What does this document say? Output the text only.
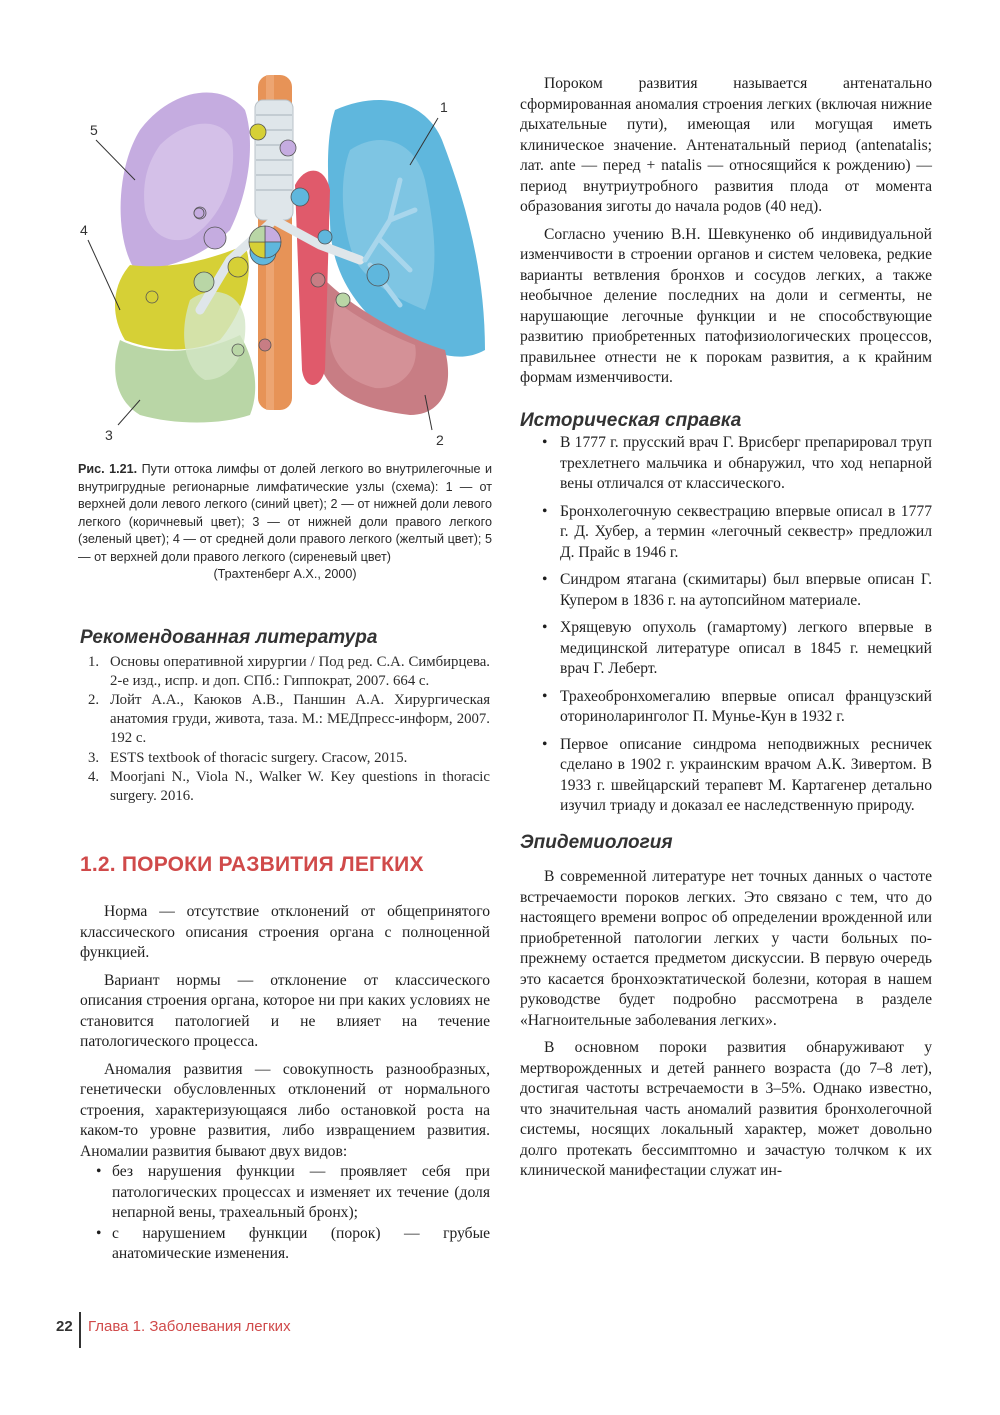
1
2
3
4
5

Рис. 1.21. Пути оттока лимфы от долей легкого во внутрилегочные и внутригрудные регионарные лимфатические узлы (схема): 1 — от верхней доли левого легкого (синий цвет); 2 — от нижней доли левого легкого (коричневый цвет); 3 — от нижней доли правого легкого (зеленый цвет); 4 — от средней доли правого легкого (желтый цвет); 5 — от верхней доли правого легкого (сиреневый цвет)

(Трахтенберг А.Х., 2000)

Рекомендованная литература
1. Основы оперативной хирургии / Под ред. С.А. Симбирцева. 2-е изд., испр. и доп. СПб.: Гиппократ, 2007. 664 с.
2. Лойт А.А., Каюков А.В., Паншин А.А. Хирургическая анатомия груди, живота, таза. М.: МЕДпресс-информ, 2007. 192 с.
3. ESTS textbook of thoracic surgery. Cracow, 2015.
4. Moorjani N., Viola N., Walker W. Key questions in thoracic surgery. 2016.
1.2. ПОРОКИ РАЗВИТИЯ ЛЕГКИХ

Норма — отсутствие отклонений от общепринятого классического описания строения органа с полноценной функцией.

Вариант нормы — отклонение от классического описания строения органа, которое ни при каких условиях не становится патологией и не влияет на течение патологического процесса.

Аномалия развития — совокупность разнообразных, генетически обусловленных отклонений от нормального строения, характеризующаяся либо остановкой роста на каком-то уровне развития, либо извращением развития. Аномалии развития бывают двух видов:

• без нарушения функции — проявляет себя при патологических процессах и изменяет их течение (доля непарной вены, трахеальный бронх);
• с нарушением функции (порок) — грубые анатомические изменения.

Пороком развития называется антенатально сформированная аномалия строения легких (включая нижние дыхательные пути), имеющая или могущая иметь клиническое значение. Антенатальный период (antenatalis; лат. ante — перед + natalis — относящийся к рождению) — период внутриутробного развития плода от момента образования зиготы до начала родов (40 нед).

Согласно учению В.Н. Шевкуненко об индивидуальной изменчивости в строении органов и систем человека, редкие варианты ветвления бронхов и сосудов легких, а также необычное деление последних на доли и сегменты, не нарушающие легочные функции и не способствующие развитию приобретенных патофизиологических процессов, правильнее отнести не к порокам развития, а к крайним формам изменчивости.

Историческая справка
• В 1777 г. прусский врач Г. Врисберг препарировал труп трехлетнего мальчика и обнаружил, что ход непарной вены отличался от классического.
• Бронхолегочную секвестрацию впервые описал в 1777 г. Д. Хубер, а термин «легочный секвестр» предложил Д. Прайс в 1946 г.
• Синдром ятагана (скимитары) был впервые описан Г. Купером в 1836 г. на аутопсийном материале.
• Хрящевую опухоль (гамартому) легкого впервые в медицинской литературе описал в 1845 г. немецкий врач Г. Леберт.
• Трахеобронхомегалию впервые описал французский оториноларинголог П. Мунье-Кун в 1932 г.
• Первое описание синдрома неподвижных ресничек сделано в 1902 г. украинским врачом А.К. Зивертом. В 1933 г. швейцарский терапевт М. Картагенер детально изучил триаду и доказал ее наследственную природу.
Эпидемиология

В современной литературе нет точных данных о частоте встречаемости пороков легких. Это связано с тем, что до настоящего времени вопрос об определении врожденной или приобретенной патологии легких у части больных по-прежнему остается предметом дискуссии. В первую очередь это касается бронхоэктатической болезни, которая в нашем руководстве будет подробно рассмотрена в разделе «Нагноительные заболевания легких».

В основном пороки развития обнаруживают у мертворожденных и детей раннего возраста (до 7–8 лет), достигая частоты встречаемости в 3–5%. Однако известно, что значительная часть аномалий развития бронхолегочной системы, носящих локальный характер, может довольно долго протекать бессимптомно и зачастую толчком к их клинической манифестации служат ин-

22 Глава 1. Заболевания легких
